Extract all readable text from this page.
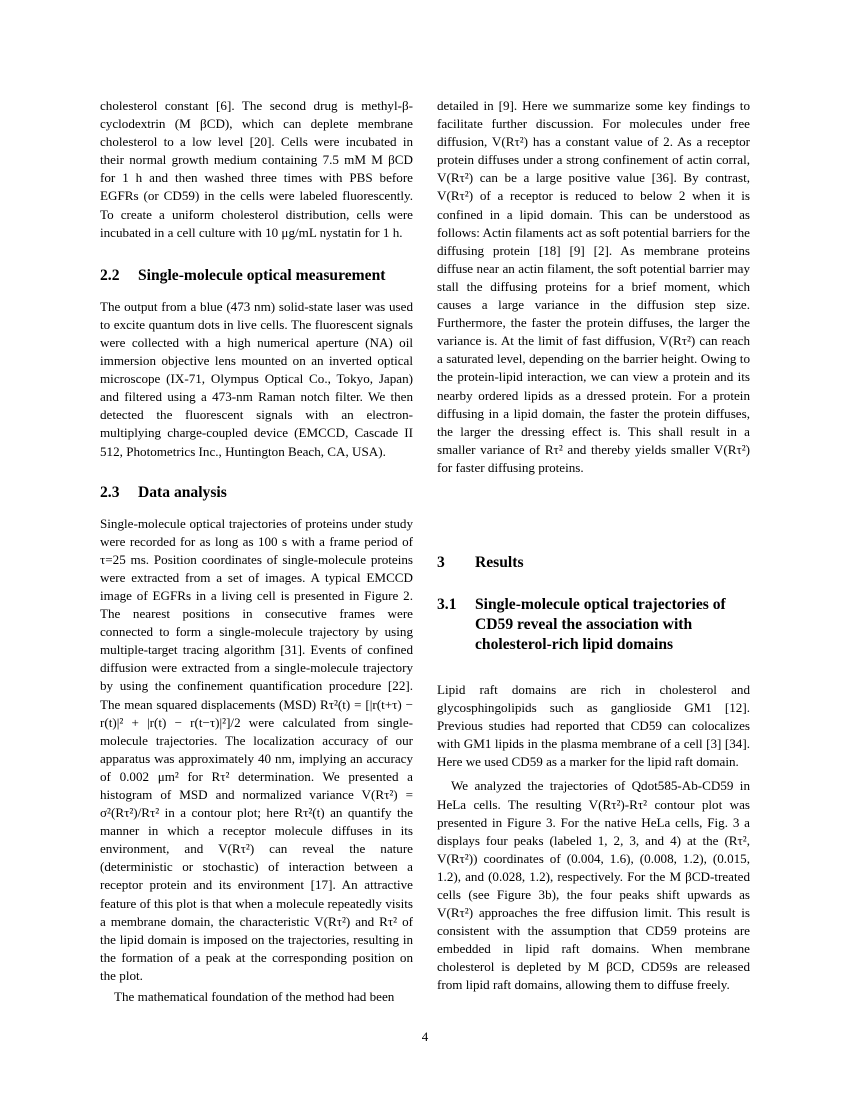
cholesterol constant [6]. The second drug is methyl-β-cyclodextrin (M βCD), which can deplete membrane cholesterol to a low level [20]. Cells were incubated in their normal growth medium containing 7.5 mM M βCD for 1 h and then washed three times with PBS before EGFRs (or CD59) in the cells were labeled fluorescently. To create a uniform cholesterol distribution, cells were incubated in a cell culture with 10 μg/mL nystatin for 1 h.

2.2 Single-molecule optical measurement

The output from a blue (473 nm) solid-state laser was used to excite quantum dots in live cells. The fluorescent signals were collected with a high numerical aperture (NA) oil immersion objective lens mounted on an inverted optical microscope (IX-71, Olympus Optical Co., Tokyo, Japan) and filtered using a 473-nm Raman notch filter. We then detected the fluorescent signals with an electron-multiplying charge-coupled device (EMCCD, Cascade II 512, Photometrics Inc., Huntington Beach, CA, USA).

2.3 Data analysis

Single-molecule optical trajectories of proteins under study were recorded for as long as 100 s with a frame period of τ=25 ms. Position coordinates of single-molecule proteins were extracted from a set of images. A typical EMCCD image of EGFRs in a living cell is presented in Figure 2. The nearest positions in consecutive frames were connected to form a single-molecule trajectory by using multiple-target tracing algorithm [31]. Events of confined diffusion were extracted from a single-molecule trajectory by using the confinement quantification procedure [22]. The mean squared displacements (MSD) Rτ²(t) = [|r(t+τ) − r(t)|² + |r(t) − r(t−τ)|²]/2 were calculated from single-molecule trajectories. The localization accuracy of our apparatus was approximately 40 nm, implying an accuracy of 0.002 μm² for Rτ² determination. We presented a histogram of MSD and normalized variance V(Rτ²) = σ²(Rτ²)/Rτ² in a contour plot; here Rτ²(t) an quantify the manner in which a receptor molecule diffuses in its environment, and V(Rτ²) can reveal the nature (deterministic or stochastic) of interaction between a receptor protein and its environment [17]. An attractive feature of this plot is that when a molecule repeatedly visits a membrane domain, the characteristic V(Rτ²) and Rτ² of the lipid domain is imposed on the trajectories, resulting in the formation of a peak at the corresponding position on the plot.

The mathematical foundation of the method had been

detailed in [9]. Here we summarize some key findings to facilitate further discussion. For molecules under free diffusion, V(Rτ²) has a constant value of 2. As a receptor protein diffuses under a strong confinement of actin corral, V(Rτ²) can be a large positive value [36]. By contrast, V(Rτ²) of a receptor is reduced to below 2 when it is confined in a lipid domain. This can be understood as follows: Actin filaments act as soft potential barriers for the diffusing protein [18] [9] [2]. As membrane proteins diffuse near an actin filament, the soft potential barrier may stall the diffusing proteins for a brief moment, which causes a large variance in the diffusion step size. Furthermore, the faster the protein diffuses, the larger the variance is. At the limit of fast diffusion, V(Rτ²) can reach a saturated level, depending on the barrier height. Owing to the protein-lipid interaction, we can view a protein and its nearby ordered lipids as a dressed protein. For a protein diffusing in a lipid domain, the faster the protein diffuses, the larger the dressing effect is. This shall result in a smaller variance of Rτ² and thereby yields smaller V(Rτ²) for faster diffusing proteins.

3 Results
3.1	Single-molecule optical trajectories of CD59 reveal the association with cholesterol-rich lipid domains

Lipid raft domains are rich in cholesterol and glycosphingolipids such as ganglioside GM1 [12]. Previous studies had reported that CD59 can colocalizes with GM1 lipids in the plasma membrane of a cell [3] [34]. Here we used CD59 as a marker for the lipid raft domain.

We analyzed the trajectories of Qdot585-Ab-CD59 in HeLa cells. The resulting V(Rτ²)-Rτ² contour plot was presented in Figure 3. For the native HeLa cells, Fig. 3 a displays four peaks (labeled 1, 2, 3, and 4) at the (Rτ², V(Rτ²)) coordinates of (0.004, 1.6), (0.008, 1.2), (0.015, 1.2), and (0.028, 1.2), respectively. For the M βCD-treated cells (see Figure 3b), the four peaks shift upwards as V(Rτ²) approaches the free diffusion limit. This result is consistent with the assumption that CD59 proteins are embedded in lipid raft domains. When membrane cholesterol is depleted by M βCD, CD59s are released from lipid raft domains, allowing them to diffuse freely.

4
